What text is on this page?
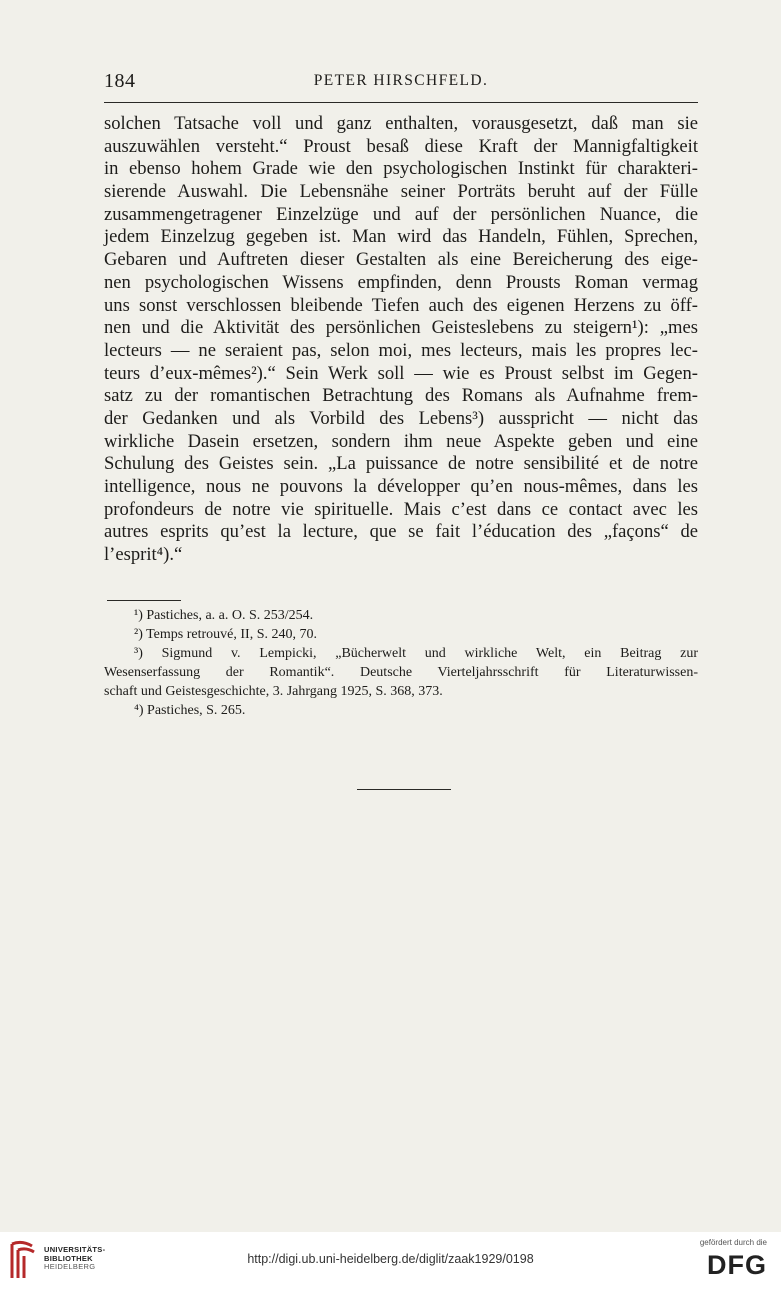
184	PETER HIRSCHFELD.
solchen Tatsache voll und ganz enthalten, vorausgesetzt, daß man sie
auszuwählen versteht.“ Proust besaß diese Kraft der Mannigfaltigkeit
in ebenso hohem Grade wie den psychologischen Instinkt für charakteri-
sierende Auswahl. Die Lebensnähe seiner Porträts beruht auf der Fülle
zusammengetragener Einzelzüge und auf der persönlichen Nuance, die
jedem Einzelzug gegeben ist. Man wird das Handeln, Fühlen, Sprechen,
Gebaren und Auftreten dieser Gestalten als eine Bereicherung des eige-
nen psychologischen Wissens empfinden, denn Prousts Roman vermag
uns sonst verschlossen bleibende Tiefen auch des eigenen Herzens zu öff-
nen und die Aktivität des persönlichen Geisteslebens zu steigern¹): „mes
lecteurs — ne seraient pas, selon moi, mes lecteurs, mais les propres lec-
teurs d’eux-mêmes²).“ Sein Werk soll — wie es Proust selbst im Gegen-
satz zu der romantischen Betrachtung des Romans als Aufnahme frem-
der Gedanken und als Vorbild des Lebens³) ausspricht — nicht das
wirkliche Dasein ersetzen, sondern ihm neue Aspekte geben und eine
Schulung des Geistes sein. „La puissance de notre sensibilité et de notre
intelligence, nous ne pouvons la développer qu’en nous-mêmes, dans les
profondeurs de notre vie spirituelle. Mais c’est dans ce contact avec les
autres esprits qu’est la lecture, que se fait l’éducation des „façons“ de
l’esprit⁴).“
¹) Pastiches, a. a. O. S. 253/254.
²) Temps retrouvé, II, S. 240, 70.
³) Sigmund v. Lempicki, „Bücherwelt und wirkliche Welt, ein Beitrag zur
Wesenserfassung der Romantik“. Deutsche Vierteljahrsschrift für Literaturwissen-
schaft und Geistesgeschichte, 3. Jahrgang 1925, S. 368, 373.
⁴) Pastiches, S. 265.
UNIVERSITÄTS-
BIBLIOTHEK
HEIDELBERG
http://digi.ub.uni-heidelberg.de/diglit/zaak1929/0198
gefördert durch die
DFG
